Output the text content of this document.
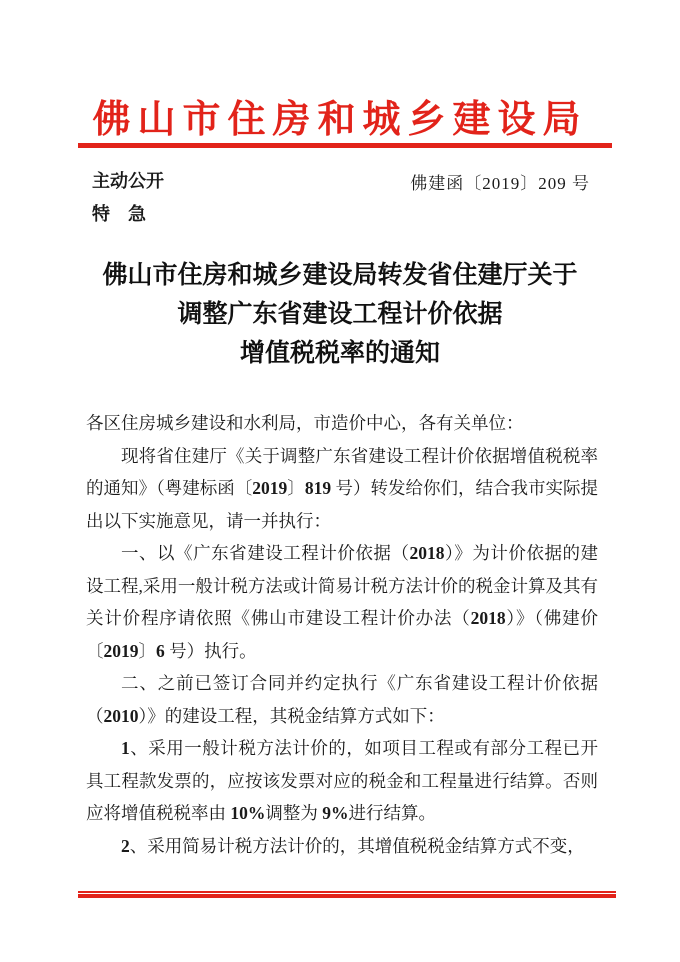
佛山市住房和城乡建设局
主动公开
特　急
佛建函〔2019〕209 号
佛山市住房和城乡建设局转发省住建厅关于
调整广东省建设工程计价依据
增值税税率的通知

各区住房城乡建设和水利局，市造价中心，各有关单位：

现将省住建厅《关于调整广东省建设工程计价依据增值税税率的通知》（粤建标函〔2019〕819 号）转发给你们，结合我市实际提出以下实施意见，请一并执行：

一、以《广东省建设工程计价依据（2018）》为计价依据的建设工程,采用一般计税方法或计简易计税方法计价的税金计算及其有关计价程序请依照《佛山市建设工程计价办法（2018）》（佛建价〔2019〕6 号）执行。

二、之前已签订合同并约定执行《广东省建设工程计价依据（2010）》的建设工程，其税金结算方式如下：

1、采用一般计税方法计价的，如项目工程或有部分工程已开具工程款发票的，应按该发票对应的税金和工程量进行结算。否则应将增值税税率由 10%调整为 9%进行结算。

2、采用简易计税方法计价的，其增值税税金结算方式不变，
